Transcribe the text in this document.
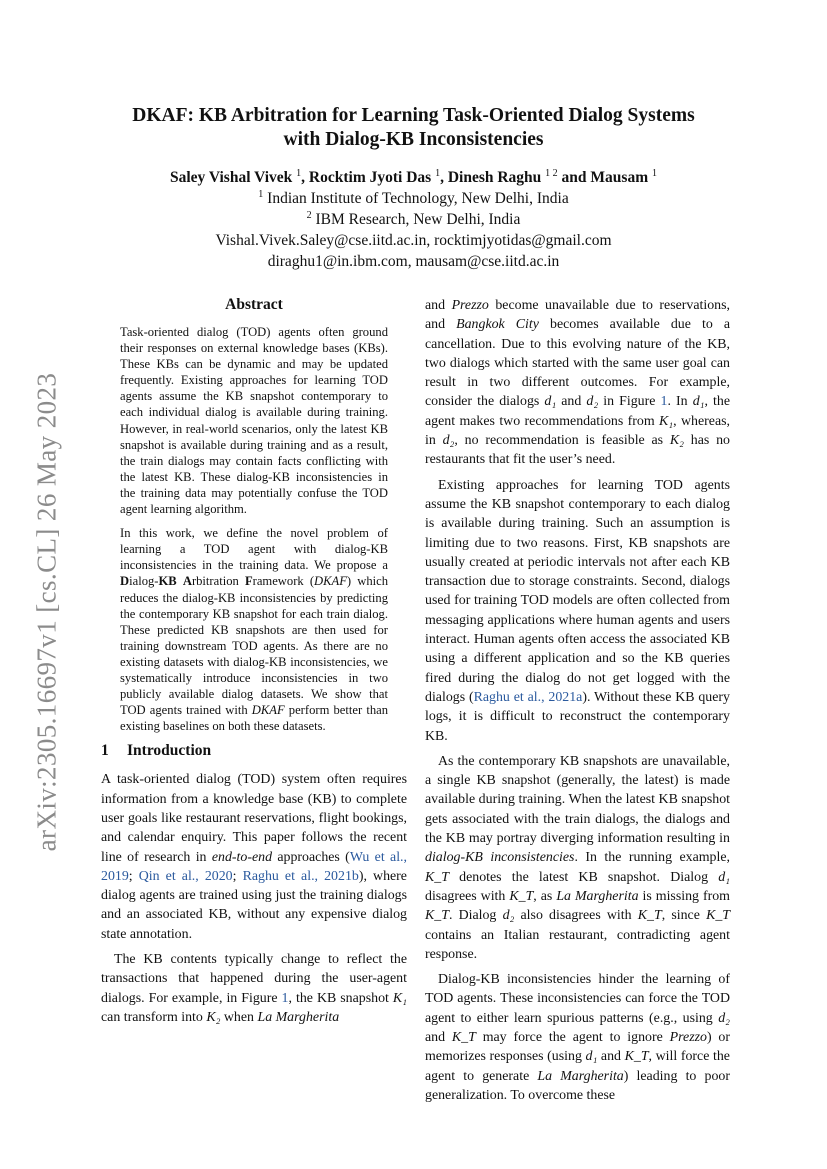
arXiv:2305.16697v1 [cs.CL] 26 May 2023
DKAF: KB Arbitration for Learning Task-Oriented Dialog Systems
with Dialog-KB Inconsistencies
Saley Vishal Vivek $^1$, Rocktim Jyoti Das $^1$, Dinesh Raghu $^{1 2}$ and Mausam $^1$
$^1$ Indian Institute of Technology, New Delhi, India
$^2$ IBM Research, New Delhi, India
Vishal.Vivek.Saley@cse.iitd.ac.in, rocktimjyotidas@gmail.com
diraghu1@in.ibm.com, mausam@cse.iitd.ac.in
Abstract

Task-oriented dialog (TOD) agents often ground their responses on external knowledge bases (KBs). These KBs can be dynamic and may be updated frequently. Existing approaches for learning TOD agents assume the KB snapshot contemporary to each individual dialog is available during training. However, in real-world scenarios, only the latest KB snapshot is available during training and as a result, the train dialogs may contain facts conflicting with the latest KB. These dialog-KB inconsistencies in the training data may potentially confuse the TOD agent learning algorithm.

In this work, we define the novel problem of learning a TOD agent with dialog-KB inconsistencies in the training data. We propose a Dialog-KB Arbitration Framework (DKAF) which reduces the dialog-KB inconsistencies by predicting the contemporary KB snapshot for each train dialog. These predicted KB snapshots are then used for training downstream TOD agents. As there are no existing datasets with dialog-KB inconsistencies, we systematically introduce inconsistencies in two publicly available dialog datasets. We show that TOD agents trained with DKAF perform better than existing baselines on both these datasets.

1 Introduction

A task-oriented dialog (TOD) system often requires information from a knowledge base (KB) to complete user goals like restaurant reservations, flight bookings, and calendar enquiry. This paper follows the recent line of research in end-to-end approaches (Wu et al., 2019; Qin et al., 2020; Raghu et al., 2021b), where dialog agents are trained using just the training dialogs and an associated KB, without any expensive dialog state annotation.

The KB contents typically change to reflect the transactions that happened during the user-agent dialogs. For example, in Figure 1, the KB snapshot K₁ can transform into K₂ when La Margherita

and Prezzo become unavailable due to reservations, and Bangkok City becomes available due to a cancellation. Due to this evolving nature of the KB, two dialogs which started with the same user goal can result in two different outcomes. For example, consider the dialogs d₁ and d₂ in Figure 1. In d₁, the agent makes two recommendations from K₁, whereas, in d₂, no recommendation is feasible as K₂ has no restaurants that fit the user’s need.

Existing approaches for learning TOD agents assume the KB snapshot contemporary to each dialog is available during training. Such an assumption is limiting due to two reasons. First, KB snapshots are usually created at periodic intervals not after each KB transaction due to storage constraints. Second, dialogs used for training TOD models are often collected from messaging applications where human agents and users interact. Human agents often access the associated KB using a different application and so the KB queries fired during the dialog do not get logged with the dialogs (Raghu et al., 2021a). Without these KB query logs, it is difficult to reconstruct the contemporary KB.

As the contemporary KB snapshots are unavailable, a single KB snapshot (generally, the latest) is made available during training. When the latest KB snapshot gets associated with the train dialogs, the dialogs and the KB may portray diverging information resulting in dialog-KB inconsistencies. In the running example, K_T denotes the latest KB snapshot. Dialog d₁ disagrees with K_T, as La Margherita is missing from K_T. Dialog d₂ also disagrees with K_T, since K_T contains an Italian restaurant, contradicting agent response.

Dialog-KB inconsistencies hinder the learning of TOD agents. These inconsistencies can force the TOD agent to either learn spurious patterns (e.g., using d₂ and K_T may force the agent to ignore Prezzo) or memorizes responses (using d₁ and K_T, will force the agent to generate La Margherita) leading to poor generalization. To overcome these
